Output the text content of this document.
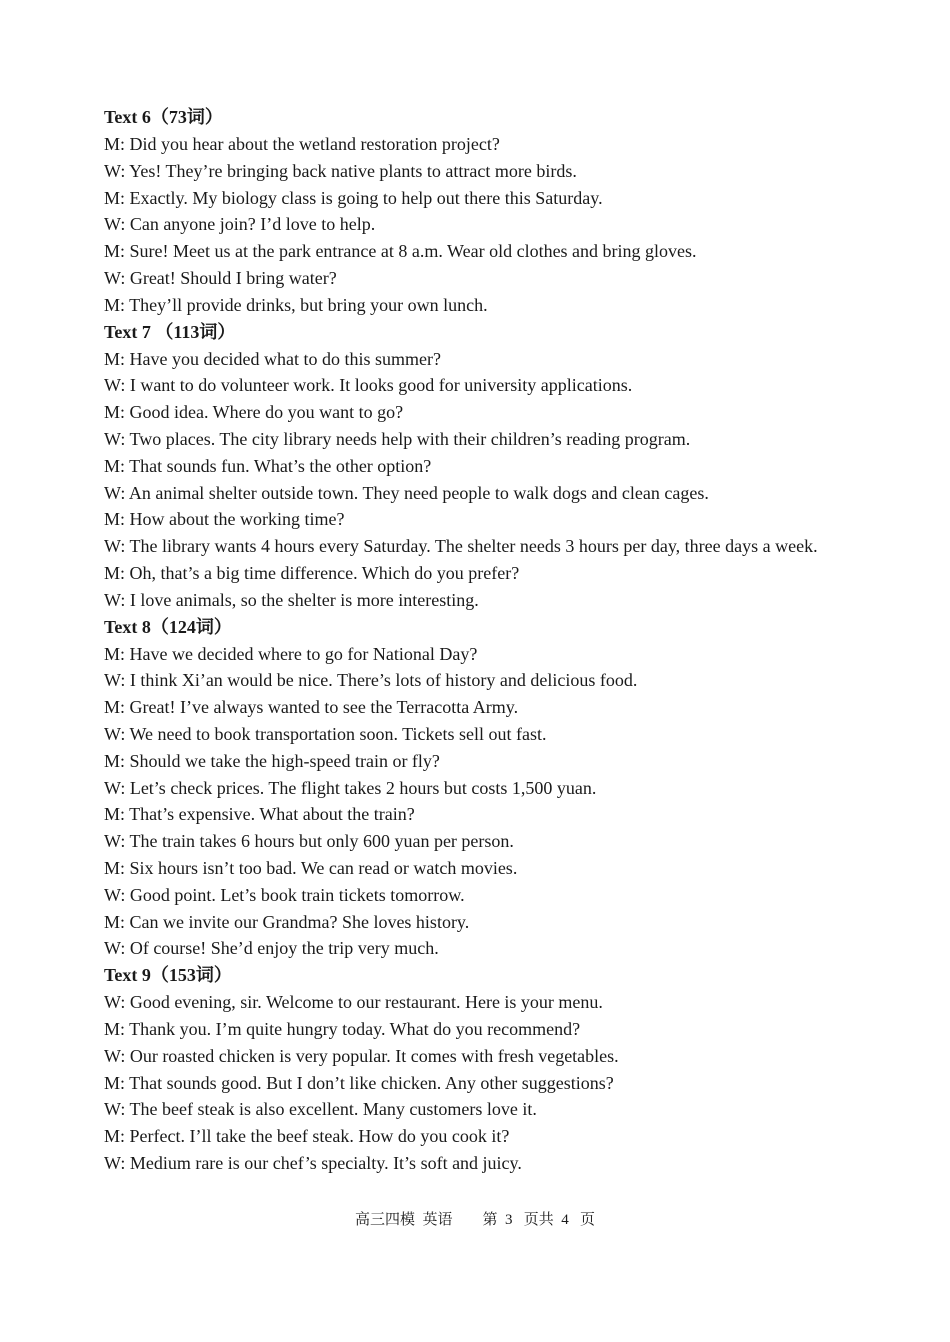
Text 6（73词）
M: Did you hear about the wetland restoration project?
W: Yes! They’re bringing back native plants to attract more birds.
M: Exactly. My biology class is going to help out there this Saturday.
W: Can anyone join? I’d love to help.
M: Sure! Meet us at the park entrance at 8 a.m. Wear old clothes and bring gloves.
W: Great! Should I bring water?
M: They’ll provide drinks, but bring your own lunch.
Text 7 （113词）
M: Have you decided what to do this summer?
W: I want to do volunteer work. It looks good for university applications.
M: Good idea. Where do you want to go?
W: Two places. The city library needs help with their children’s reading program.
M: That sounds fun. What’s the other option?
W: An animal shelter outside town. They need people to walk dogs and clean cages.
M: How about the working time?
W: The library wants 4 hours every Saturday. The shelter needs 3 hours per day, three days a week.
M: Oh, that’s a big time difference. Which do you prefer?
W: I love animals, so the shelter is more interesting.
Text 8（124词）
M: Have we decided where to go for National Day?
W: I think Xi’an would be nice. There’s lots of history and delicious food.
M: Great! I’ve always wanted to see the Terracotta Army.
W: We need to book transportation soon. Tickets sell out fast.
M: Should we take the high-speed train or fly?
W: Let’s check prices. The flight takes 2 hours but costs 1,500 yuan.
M: That’s expensive. What about the train?
W: The train takes 6 hours but only 600 yuan per person.
M: Six hours isn’t too bad. We can read or watch movies.
W: Good point. Let’s book train tickets tomorrow.
M: Can we invite our Grandma? She loves history.
W: Of course! She’d enjoy the trip very much.
Text 9（153词）
W: Good evening, sir. Welcome to our restaurant. Here is your menu.
M: Thank you. I’m quite hungry today. What do you recommend?
W: Our roasted chicken is very popular. It comes with fresh vegetables.
M: That sounds good. But I don’t like chicken. Any other suggestions?
W: The beef steak is also excellent. Many customers love it.
M: Perfect. I’ll take the beef steak. How do you cook it?
W: Medium rare is our chef’s specialty. It’s soft and juicy.
高三四模  英语        第  3   页共  4   页
